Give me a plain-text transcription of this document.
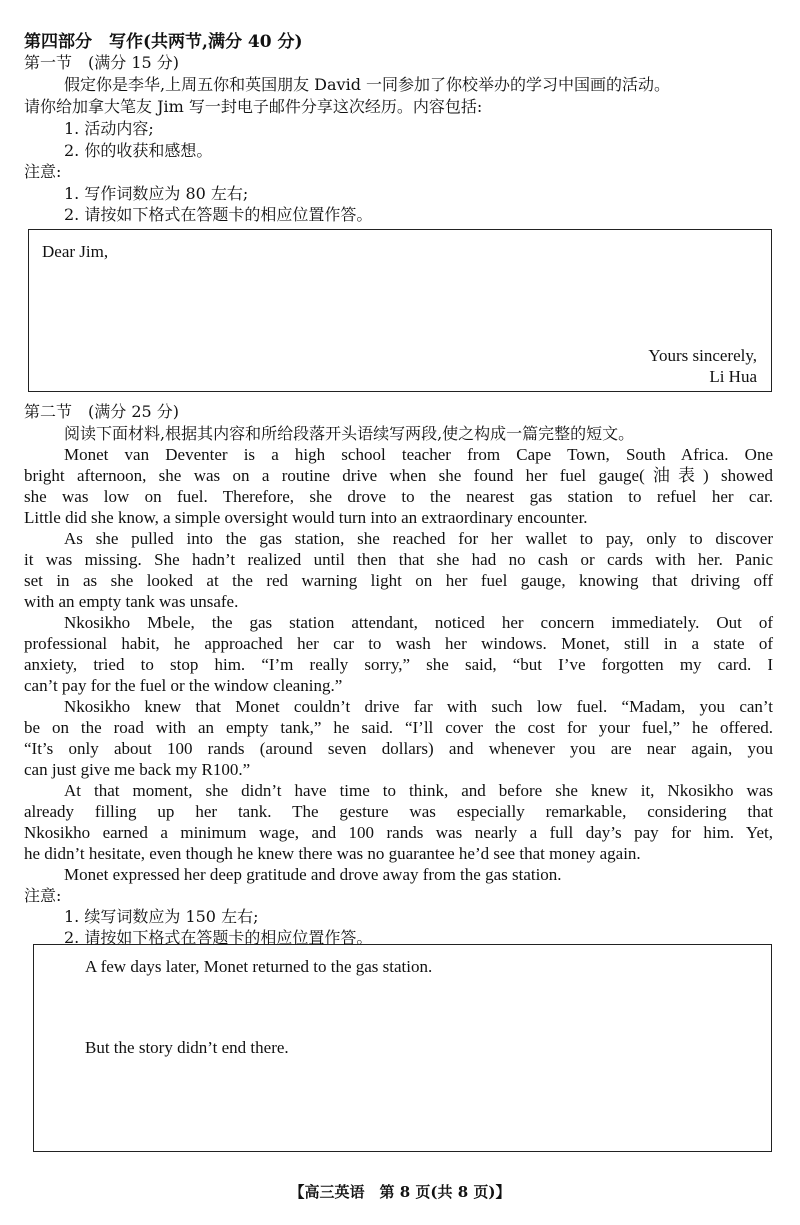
第四部分　写作(共两节,满分 40 分)
第一节　(满分 15 分)
假定你是李华,上周五你和英国朋友 David 一同参加了你校举办的学习中国画的活动。
请你给加拿大笔友 Jim 写一封电子邮件分享这次经历。内容包括:
1. 活动内容;
2. 你的收获和感想。
注意:
1. 写作词数应为 80 左右;
2. 请按如下格式在答题卡的相应位置作答。
Dear Jim,
Yours sincerely,
Li Hua
第二节　(满分 25 分)
阅读下面材料,根据其内容和所给段落开头语续写两段,使之构成一篇完整的短文。
Monet van Deventer is a high school teacher from Cape Town, South Africa. One
bright afternoon, she was on a routine drive when she found her fuel gauge(油表) showed
she was low on fuel. Therefore, she drove to the nearest gas station to refuel her car.
Little did she know, a simple oversight would turn into an extraordinary encounter.
As she pulled into the gas station, she reached for her wallet to pay, only to discover
it was missing. She hadn’t realized until then that she had no cash or cards with her. Panic
set in as she looked at the red warning light on her fuel gauge, knowing that driving off
with an empty tank was unsafe.
Nkosikho Mbele, the gas station attendant, noticed her concern immediately. Out of
professional habit, he approached her car to wash her windows. Monet, still in a state of
anxiety, tried to stop him. “I’m really sorry,” she said, “but I’ve forgotten my card. I
can’t pay for the fuel or the window cleaning.”
Nkosikho knew that Monet couldn’t drive far with such low fuel. “Madam, you can’t
be on the road with an empty tank,” he said. “I’ll cover the cost for your fuel,” he offered.
“It’s only about 100 rands (around seven dollars) and whenever you are near again, you
can just give me back my R100.”
At that moment, she didn’t have time to think, and before she knew it, Nkosikho was
already filling up her tank. The gesture was especially remarkable, considering that
Nkosikho earned a minimum wage, and 100 rands was nearly a full day’s pay for him. Yet,
he didn’t hesitate, even though he knew there was no guarantee he’d see that money again.
Monet expressed her deep gratitude and drove away from the gas station.
注意:
1. 续写词数应为 150 左右;
2. 请按如下格式在答题卡的相应位置作答。
A few days later, Monet returned to the gas station.
But the story didn’t end there.
【高三英语　第 8 页(共 8 页)】
